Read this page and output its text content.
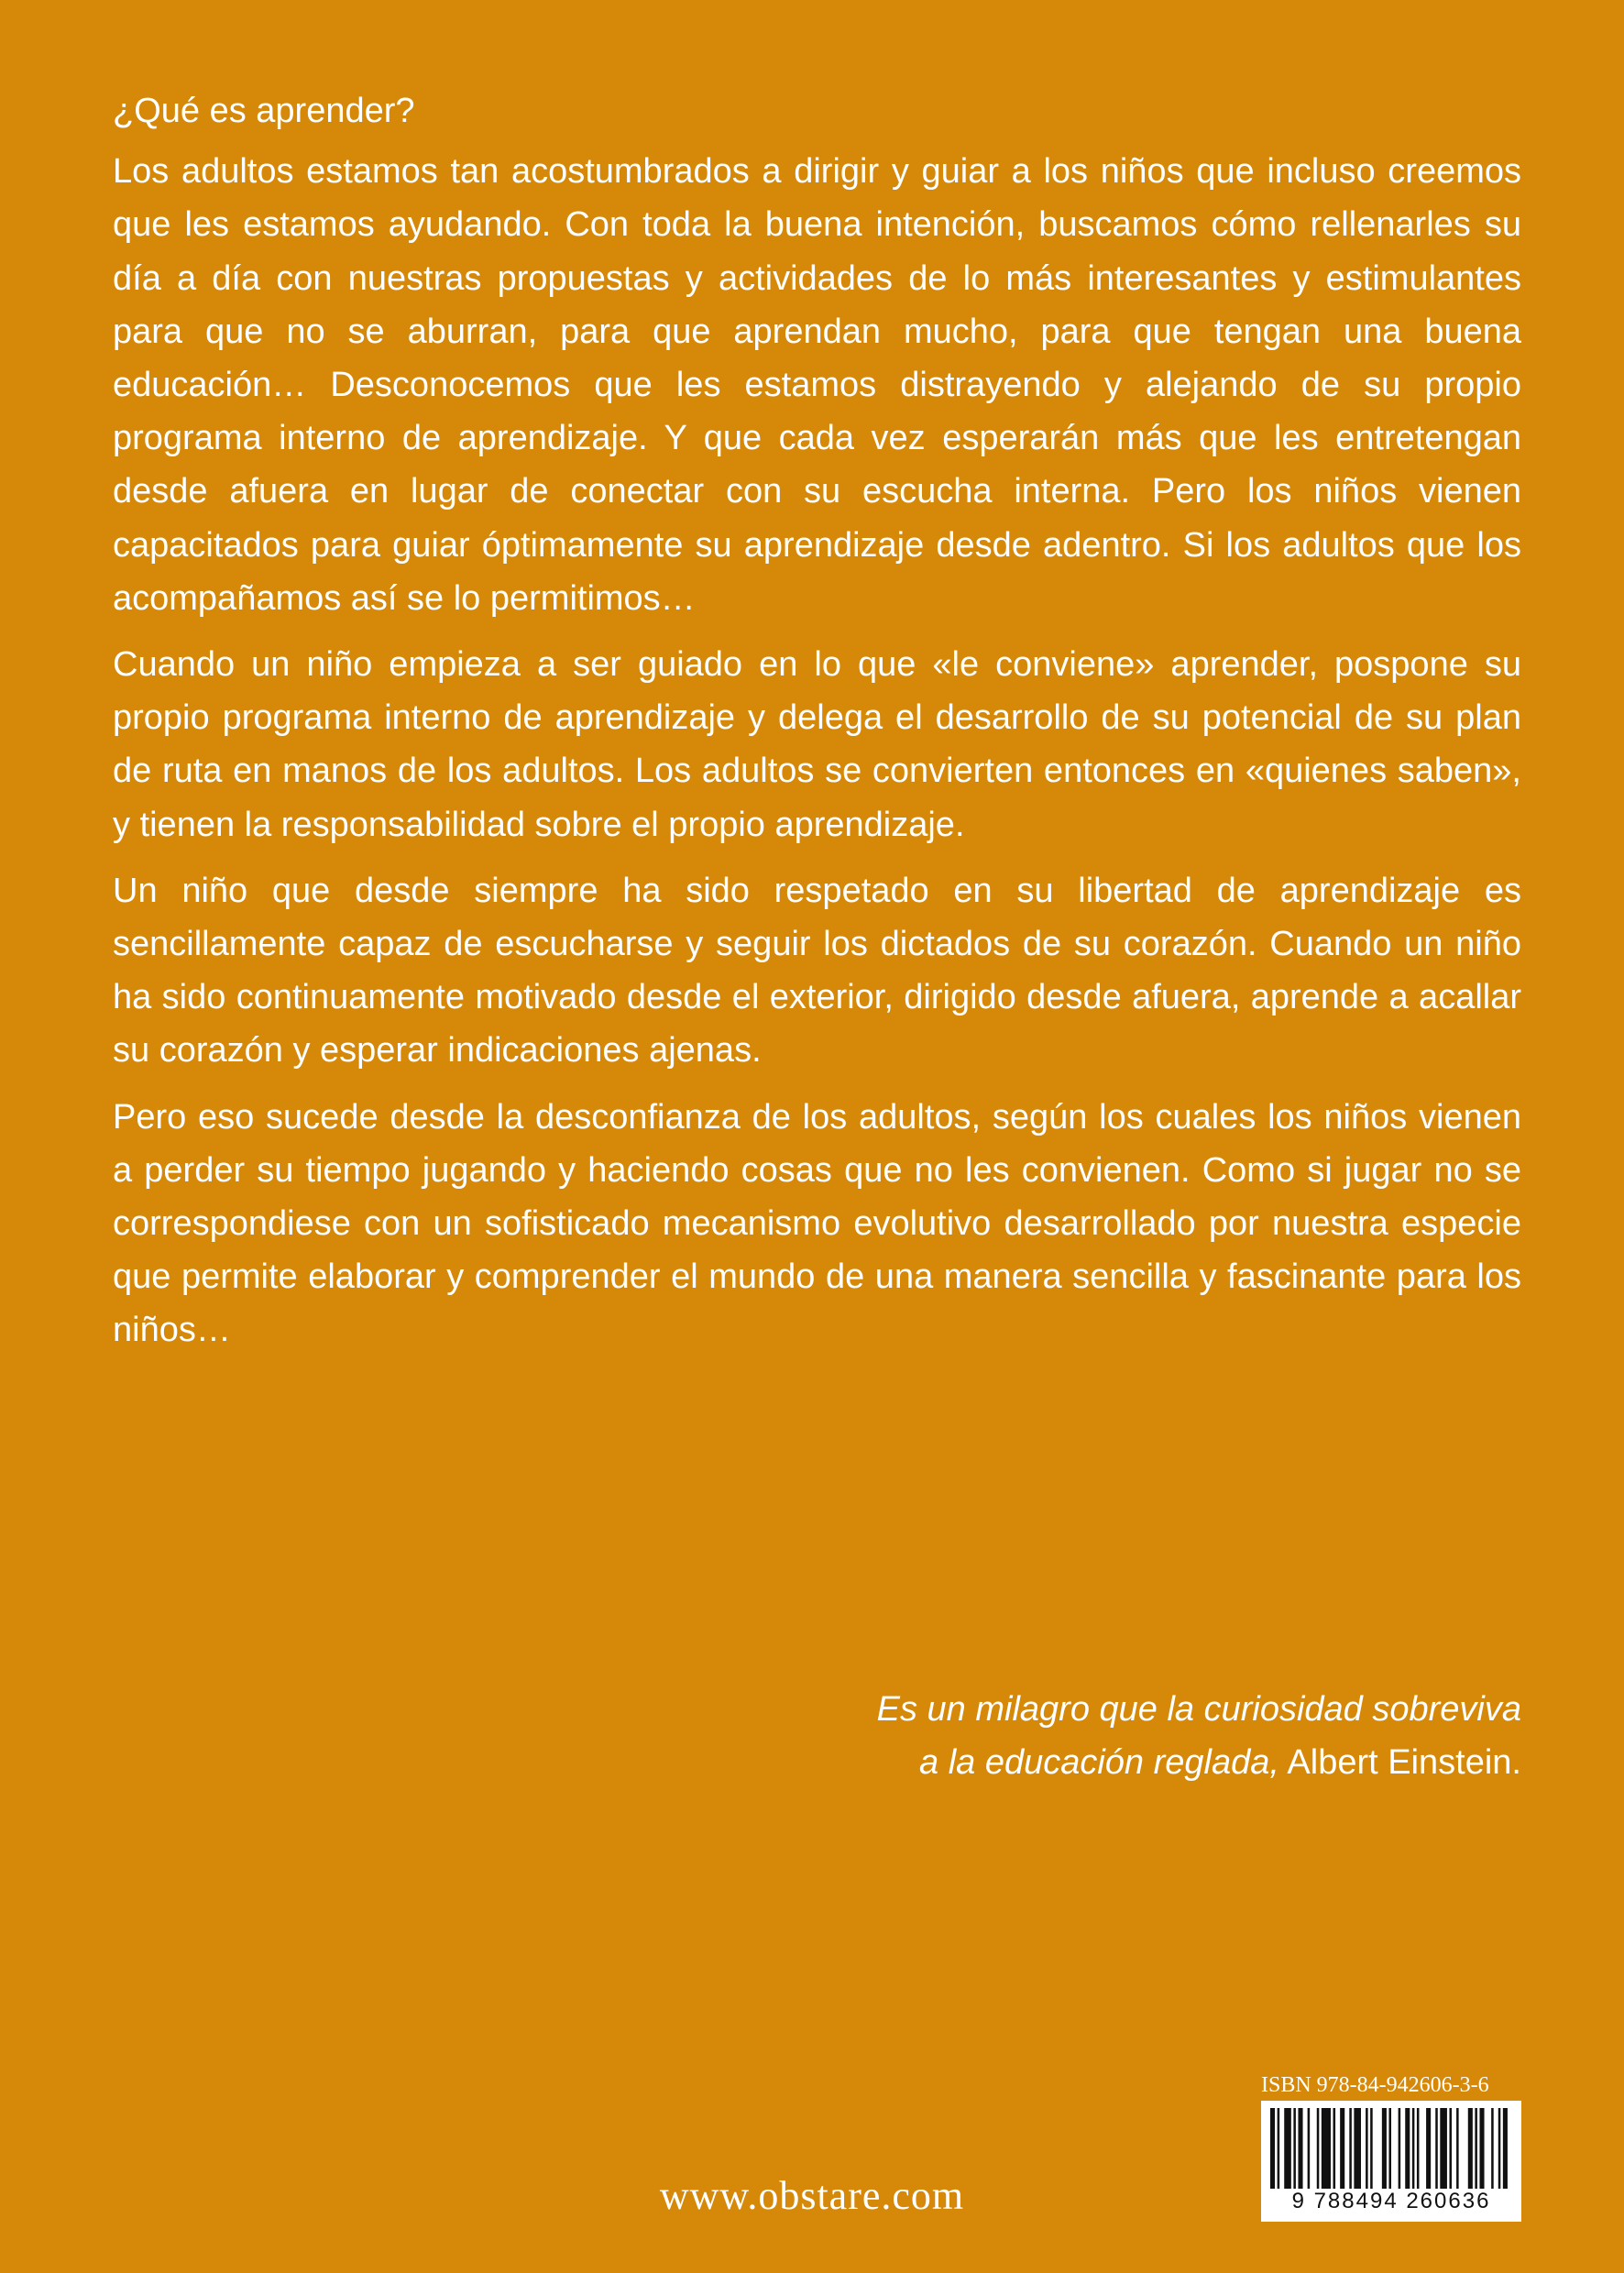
¿Qué es aprender?

Los adultos estamos tan acostumbrados a dirigir y guiar a los niños que incluso creemos que les estamos ayudando. Con toda la buena intención, buscamos cómo rellenarles su día a día con nuestras propuestas y actividades de lo más interesantes y estimulantes para que no se aburran, para que aprendan mucho, para que tengan una buena educación… Desconocemos que les estamos distrayendo y alejando de su propio programa interno de aprendizaje. Y que cada vez esperarán más que les entretengan desde afuera en lugar de conectar con su escucha interna. Pero los niños vienen capacitados para guiar óptimamente su aprendizaje desde adentro. Si los adultos que los acompañamos así se lo permitimos…

Cuando un niño empieza a ser guiado en lo que «le conviene» aprender, pospone su propio programa interno de aprendizaje y delega el desarrollo de su potencial de su plan de ruta en manos de los adultos. Los adultos se convierten entonces en «quienes saben», y tienen la responsabilidad sobre el propio aprendizaje.

Un niño que desde siempre ha sido respetado en su libertad de aprendizaje es sencillamente capaz de escucharse y seguir los dictados de su corazón. Cuando un niño ha sido continuamente motivado desde el exterior, dirigido desde afuera, aprende a acallar su corazón y esperar indicaciones ajenas.

Pero eso sucede desde la desconfianza de los adultos, según los cuales los niños vienen a perder su tiempo jugando y haciendo cosas que no les convienen. Como si jugar no se correspondiese con un sofisticado mecanismo evolutivo desarrollado por nuestra especie que permite elaborar y comprender el mundo de una manera sencilla y fascinante para los niños…

Es un milagro que la curiosidad sobreviva
a la educación reglada, Albert Einstein.
www.obstare.com
ISBN 978-84-942606-3-6
9 788494 260636
